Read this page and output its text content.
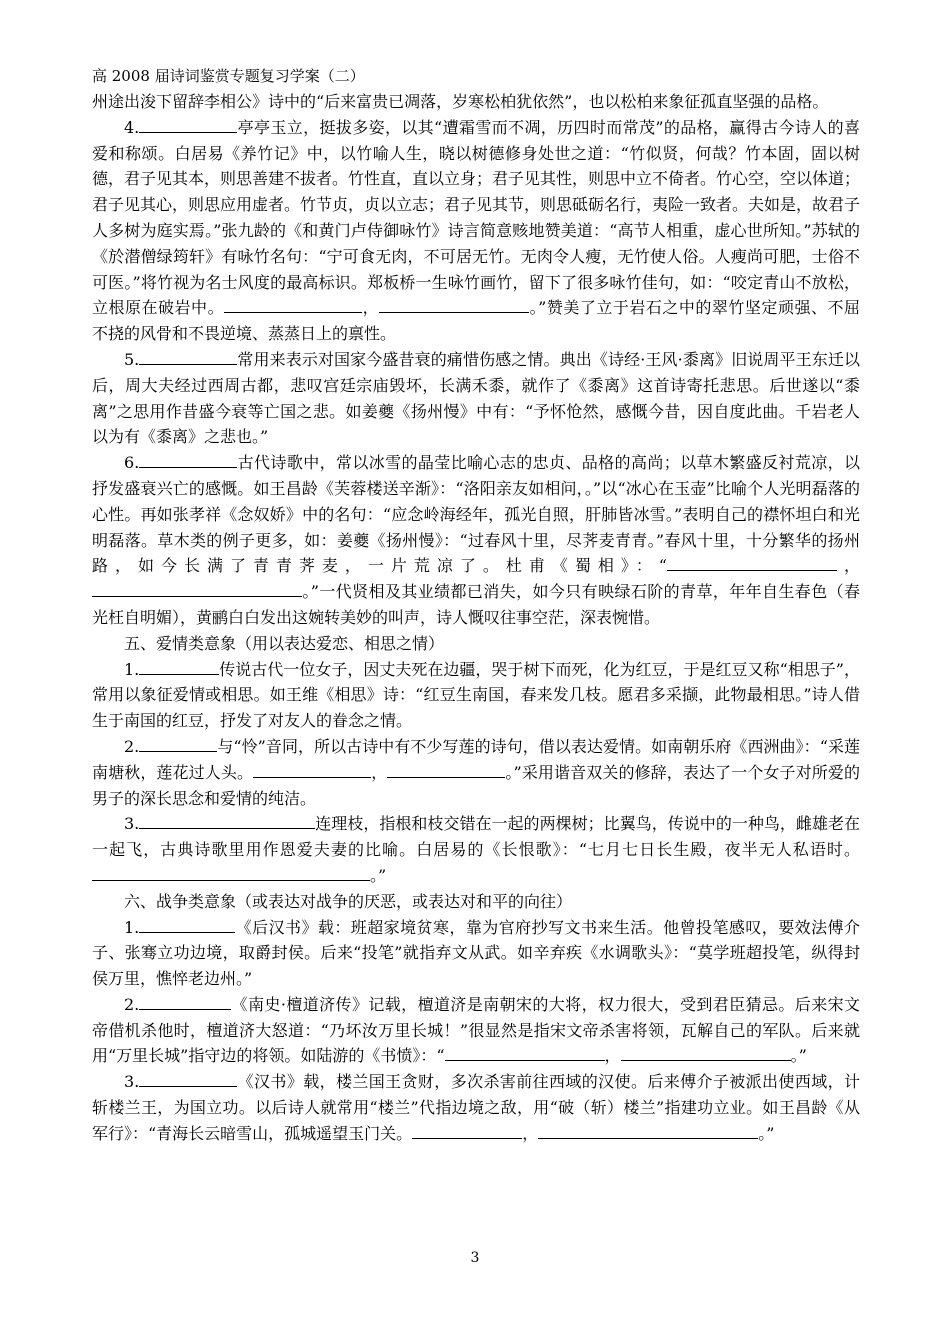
高 2008 届诗词鉴赏专题复习学案（二）

州途出浚下留辞李相公》诗中的“后来富贵已凋落，岁寒松柏犹依然”，也以松柏来象征孤直坚强的品格。

4.	亭亭玉立，挺拔多姿，以其“遭霜雪而不凋，历四时而常茂”的品格，赢得古今诗人的喜爱和称颂。白居易《养竹记》中，以竹喻人生，晓以树德修身处世之道：“竹似贤，何哉？竹本固，固以树德，君子见其本，则思善建不拔者。竹性直，直以立身；君子见其性，则思中立不倚者。竹心空，空以体道；君子见其心，则思应用虚者。竹节贞，贞以立志；君子见其节，则思砥砺名行，夷险一致者。夫如是，故君子人多树为庭实焉。”张九龄的《和黄门卢侍御咏竹》诗言简意赅地赞美道：“高节人相重，虚心世所知。”苏轼的《於潜僧绿筠轩》有咏竹名句：“宁可食无肉，不可居无竹。无肉令人瘦，无竹使人俗。人瘦尚可肥，士俗不可医。”将竹视为名士风度的最高标识。郑板桥一生咏竹画竹，留下了很多咏竹佳句，如：“咬定青山不放松，立根原在破岩中。	，	。”赞美了立于岩石之中的翠竹坚定顽强、不屈不挠的风骨和不畏逆境、蒸蒸日上的禀性。

5.	常用来表示对国家今盛昔衰的痛惜伤感之情。典出《诗经·王风·黍离》旧说周平王东迁以后，周大夫经过西周古都，悲叹宫廷宗庙毁坏，长满禾黍，就作了《黍离》这首诗寄托悲思。后世遂以“黍离”之思用作昔盛今衰等亡国之悲。如姜夔《扬州慢》中有：“予怀怆然，感慨今昔，因自度此曲。千岩老人以为有《黍离》之悲也。”

6.	古代诗歌中，常以冰雪的晶莹比喻心志的忠贞、品格的高尚；以草木繁盛反衬荒凉，以抒发盛衰兴亡的感慨。如王昌龄《芙蓉楼送辛渐》：“洛阳亲友如相问，。”以“冰心在玉壶”比喻个人光明磊落的心性。再如张孝祥《念奴娇》中的名句：“应念岭海经年，孤光自照，肝肺皆冰雪。”表明自己的襟怀坦白和光明磊落。草木类的例子更多，如：姜夔《扬州慢》：“过春风十里，尽荠麦青青。”春风十里，十分繁华的扬州路，如今长满了青青荠麦，一片荒凉了。杜甫《蜀相》：“	，。”一代贤相及其业绩都已消失，如今只有映绿石阶的青草，年年自生春色（春光枉自明媚），黄鹂白白发出这婉转美妙的叫声，诗人慨叹往事空茫，深表惋惜。

五、爱情类意象（用以表达爱恋、相思之情）

1.	传说古代一位女子，因丈夫死在边疆，哭于树下而死，化为红豆，于是红豆又称“相思子”，常用以象征爱情或相思。如王维《相思》诗：“红豆生南国，春来发几枝。愿君多采撷，此物最相思。”诗人借生于南国的红豆，抒发了对友人的眷念之情。

2.	与“怜”音同，所以古诗中有不少写莲的诗句，借以表达爱情。如南朝乐府《西洲曲》：“采莲南塘秋，莲花过人头。	，	。”采用谐音双关的修辞，表达了一个女子对所爱的男子的深长思念和爱情的纯洁。

3.	连理枝，指根和枝交错在一起的两棵树；比翼鸟，传说中的一种鸟，雌雄老在一起飞，古典诗歌里用作恩爱夫妻的比喻。白居易的《长恨歌》：“七月七日长生殿，夜半无人私语时。。”

六、战争类意象（或表达对战争的厌恶，或表达对和平的向往）

1.	《后汉书》载：班超家境贫寒，靠为官府抄写文书来生活。他曾投笔感叹，要效法傅介子、张骞立功边境，取爵封侯。后来“投笔”就指弃文从武。如辛弃疾《水调歌头》：“莫学班超投笔，纵得封侯万里，憔悴老边州。”

2.	《南史·檀道济传》记载，檀道济是南朝宋的大将，权力很大，受到君臣猜忌。后来宋文帝借机杀他时，檀道济大怒道：“乃坏汝万里长城！”很显然是指宋文帝杀害将领，瓦解自己的军队。后来就用“万里长城”指守边的将领。如陆游的《书愤》：“	，	。”

3.	《汉书》载，楼兰国王贪财，多次杀害前往西域的汉使。后来傅介子被派出使西域，计斩楼兰王，为国立功。以后诗人就常用“楼兰”代指边境之敌，用“破（斩）楼兰”指建功立业。如王昌龄《从军行》：“青海长云暗雪山，孤城遥望玉门关。	，	。”

3
